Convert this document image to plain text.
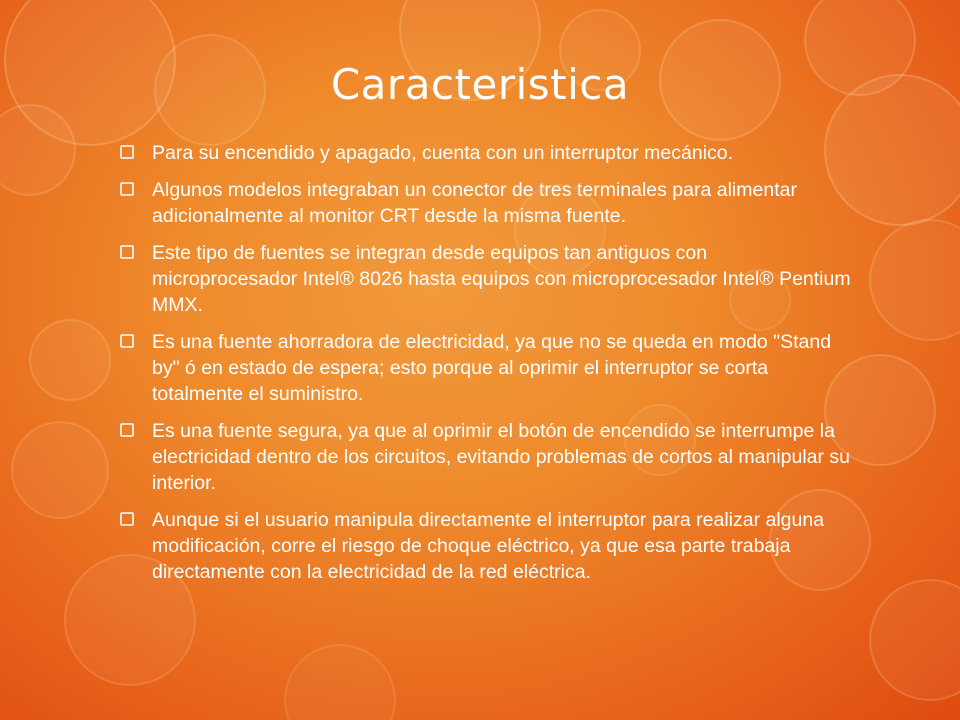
Caracteristica
Para su encendido y apagado, cuenta con un interruptor mecánico.
Algunos modelos integraban un conector de tres terminales para alimentar adicionalmente al monitor CRT desde la misma fuente.
Este tipo de fuentes se integran desde equipos tan antiguos con microprocesador Intel® 8026 hasta equipos con microprocesador Intel® Pentium MMX.
Es una fuente ahorradora de electricidad, ya que no se queda en modo "Stand by" ó en estado de espera; esto porque al oprimir el interruptor se corta totalmente el suministro.
Es una fuente segura, ya que al oprimir el botón de encendido se interrumpe la electricidad dentro de los circuitos, evitando problemas de cortos al manipular su interior.
Aunque si el usuario manipula directamente el interruptor para realizar alguna modificación, corre el riesgo de choque eléctrico, ya que esa parte trabaja directamente con la electricidad de la red eléctrica.
